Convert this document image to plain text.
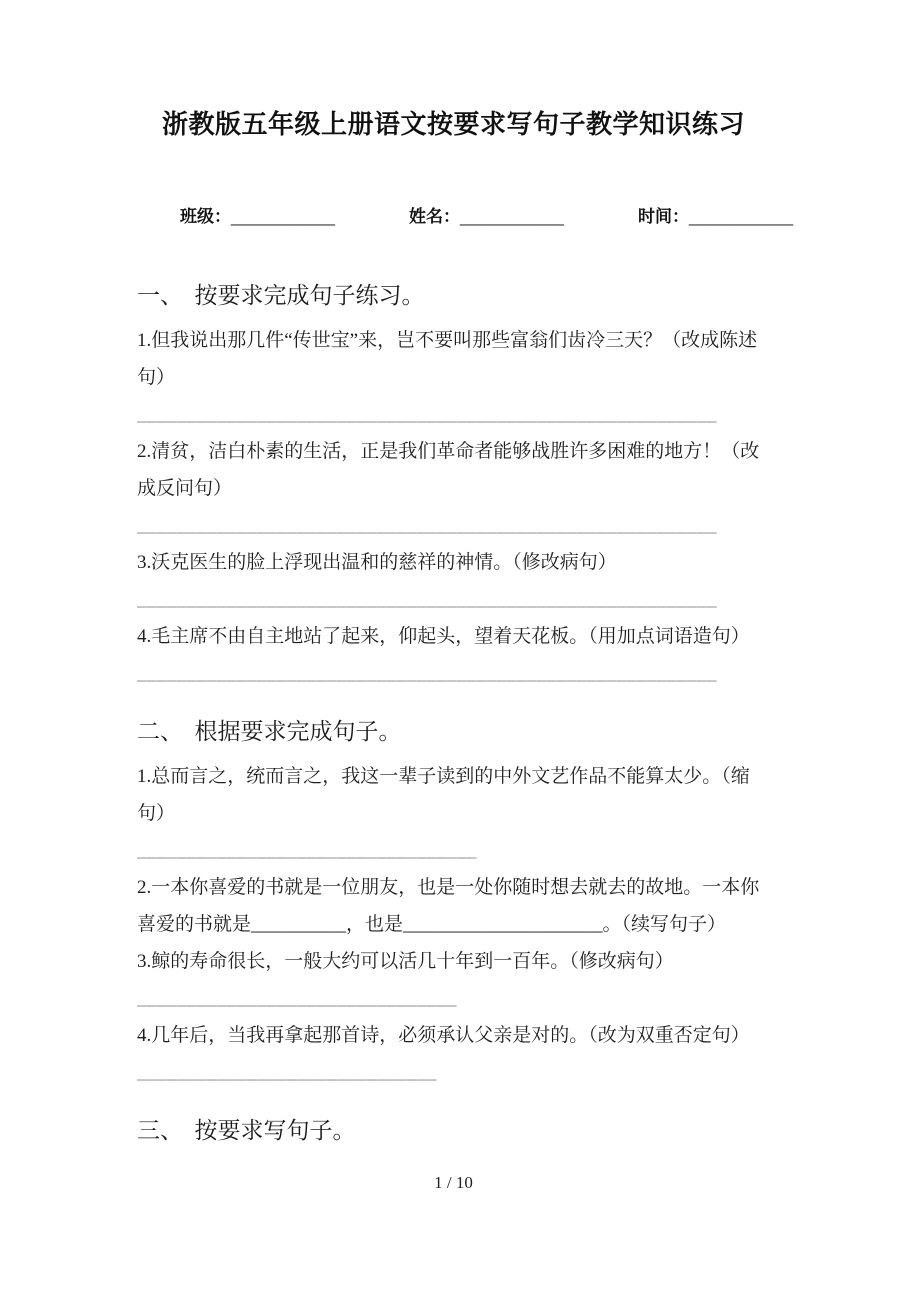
浙教版五年级上册语文按要求写句子教学知识练习
班级：___________	姓名：___________	时间：___________
一、　按要求完成句子练习。

1.但我说出那几件“传世宝”来，岂不要叫那些富翁们齿冷三天？（改成陈述句）

__________________________________________________________

2.清贫，洁白朴素的生活，正是我们革命者能够战胜许多困难的地方！（改成反问句）

__________________________________________________________

3.沃克医生的脸上浮现出温和的慈祥的神情。（修改病句）

__________________________________________________________

4.毛主席不由自主地站了起来，仰起头，望着天花板。（用加点词语造句）

__________________________________________________________

二、　根据要求完成句子。

1.总而言之，统而言之，我这一辈子读到的中外文艺作品不能算太少。（缩句）

__________________________________

2.一本你喜爱的书就是一位朋友，也是一处你随时想去就去的故地。一本你喜爱的书就是__________，也是_____________________。（续写句子）

3.鲸的寿命很长，一般大约可以活几十年到一百年。（修改病句）

________________________________

4.几年后，当我再拿起那首诗，必须承认父亲是对的。（改为双重否定句）

______________________________

三、　按要求写句子。
1 / 10
